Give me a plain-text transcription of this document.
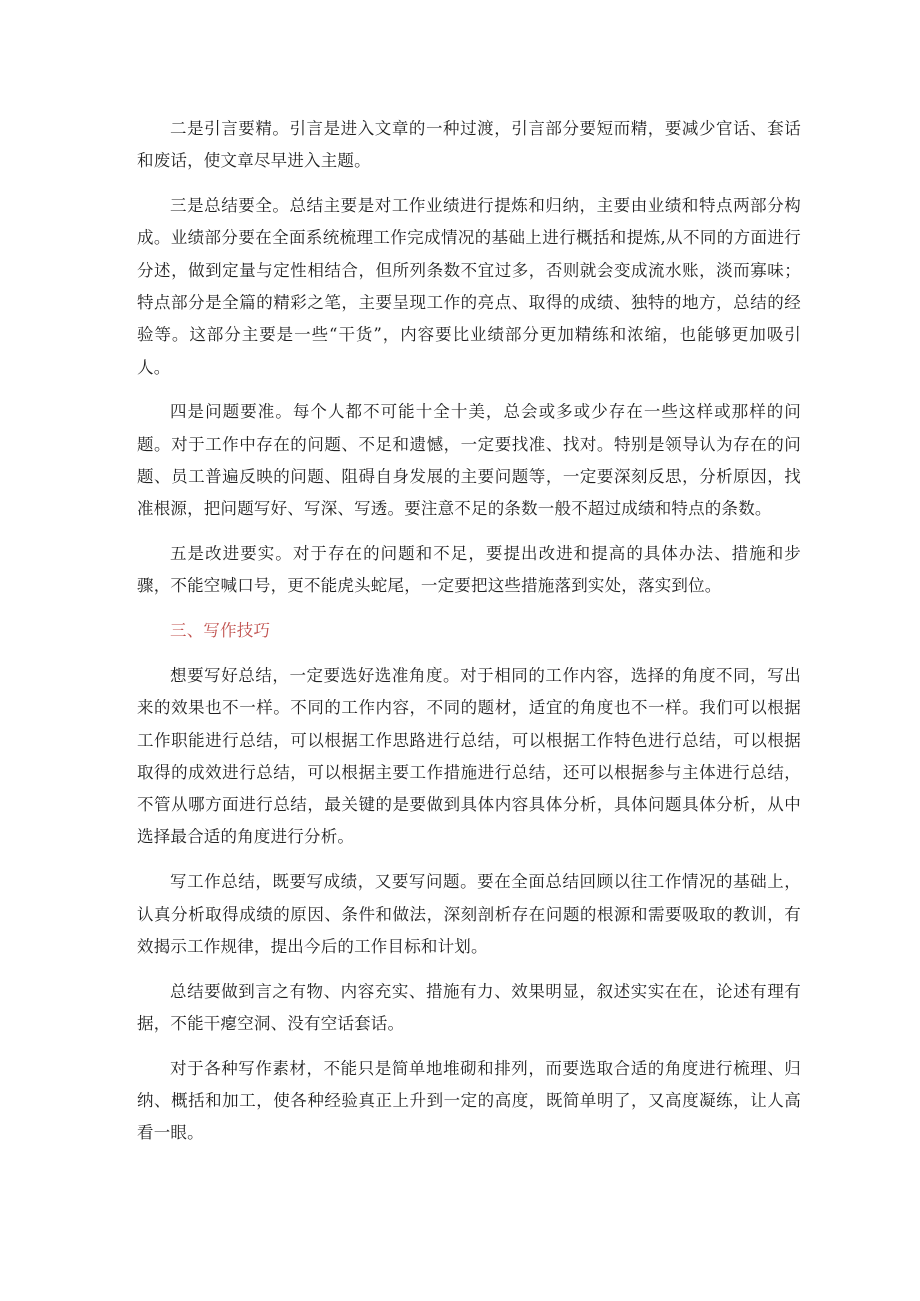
二是引言要精。引言是进入文章的一种过渡，引言部分要短而精，要减少官话、套话和废话，使文章尽早进入主题。

三是总结要全。总结主要是对工作业绩进行提炼和归纳，主要由业绩和特点两部分构成。业绩部分要在全面系统梳理工作完成情况的基础上进行概括和提炼,从不同的方面进行分述，做到定量与定性相结合，但所列条数不宜过多，否则就会变成流水账，淡而寡味；特点部分是全篇的精彩之笔，主要呈现工作的亮点、取得的成绩、独特的地方，总结的经验等。这部分主要是一些“干货”，内容要比业绩部分更加精练和浓缩，也能够更加吸引人。

四是问题要准。每个人都不可能十全十美，总会或多或少存在一些这样或那样的问题。对于工作中存在的问题、不足和遗憾，一定要找准、找对。特别是领导认为存在的问题、员工普遍反映的问题、阻碍自身发展的主要问题等，一定要深刻反思，分析原因，找准根源，把问题写好、写深、写透。要注意不足的条数一般不超过成绩和特点的条数。

五是改进要实。对于存在的问题和不足，要提出改进和提高的具体办法、措施和步骤，不能空喊口号，更不能虎头蛇尾，一定要把这些措施落到实处，落实到位。

三、写作技巧

想要写好总结，一定要选好选准角度。对于相同的工作内容，选择的角度不同，写出来的效果也不一样。不同的工作内容，不同的题材，适宜的角度也不一样。我们可以根据工作职能进行总结，可以根据工作思路进行总结，可以根据工作特色进行总结，可以根据取得的成效进行总结，可以根据主要工作措施进行总结，还可以根据参与主体进行总结，不管从哪方面进行总结，最关键的是要做到具体内容具体分析，具体问题具体分析，从中选择最合适的角度进行分析。

写工作总结，既要写成绩，又要写问题。要在全面总结回顾以往工作情况的基础上，认真分析取得成绩的原因、条件和做法，深刻剖析存在问题的根源和需要吸取的教训，有效揭示工作规律，提出今后的工作目标和计划。

总结要做到言之有物、内容充实、措施有力、效果明显，叙述实实在在，论述有理有据，不能干瘪空洞、没有空话套话。

对于各种写作素材，不能只是简单地堆砌和排列，而要选取合适的角度进行梳理、归纳、概括和加工，使各种经验真正上升到一定的高度，既简单明了，又高度凝练，让人高看一眼。
